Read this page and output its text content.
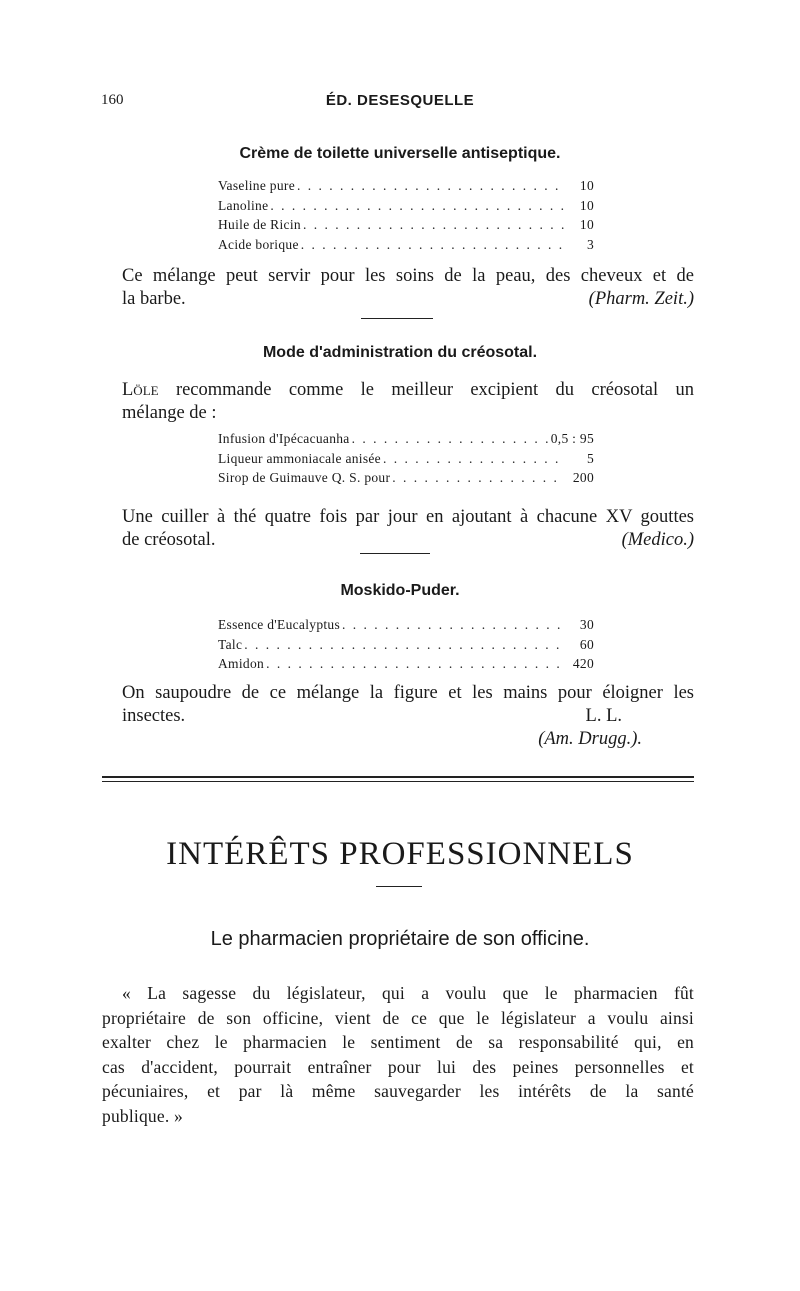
160	ÉD. DESESQUELLE
Crème de toilette universelle antiseptique.
Vaseline pure . . .	10
Lanoline . . .	10
Huile de Ricin . . .	10
Acide borique . . .	3
Ce mélange peut servir pour les soins de la peau, des cheveux et de
la barbe.	(Pharm. Zeit.)
Mode d'administration du créosotal.
Löle recommande comme le meilleur excipient du créosotal un
mélange de :
Infusion d'Ipécacuanha . . .	0,5 : 95
Liqueur ammoniacale anisée . . .	5
Sirop de Guimauve Q. S. pour . . .	200
Une cuiller à thé quatre fois par jour en ajoutant à chacune XV gouttes
de créosotal.	(Medico.)
Moskido-Puder.
Essence d'Eucalyptus . . .	30
Talc . . .	60
Amidon . . .	420
On saupoudre de ce mélange la figure et les mains pour éloigner les
insectes.	L. L.
(Am. Drugg.).
INTÉRÊTS PROFESSIONNELS
Le pharmacien propriétaire de son officine.
« La sagesse du législateur, qui a voulu que le pharmacien fût
propriétaire de son officine, vient de ce que le législateur a voulu ainsi
exalter chez le pharmacien le sentiment de sa responsabilité qui, en
cas d'accident, pourrait entraîner pour lui des peines personnelles et
pécuniaires, et par là même sauvegarder les intérêts de la santé
publique. »
